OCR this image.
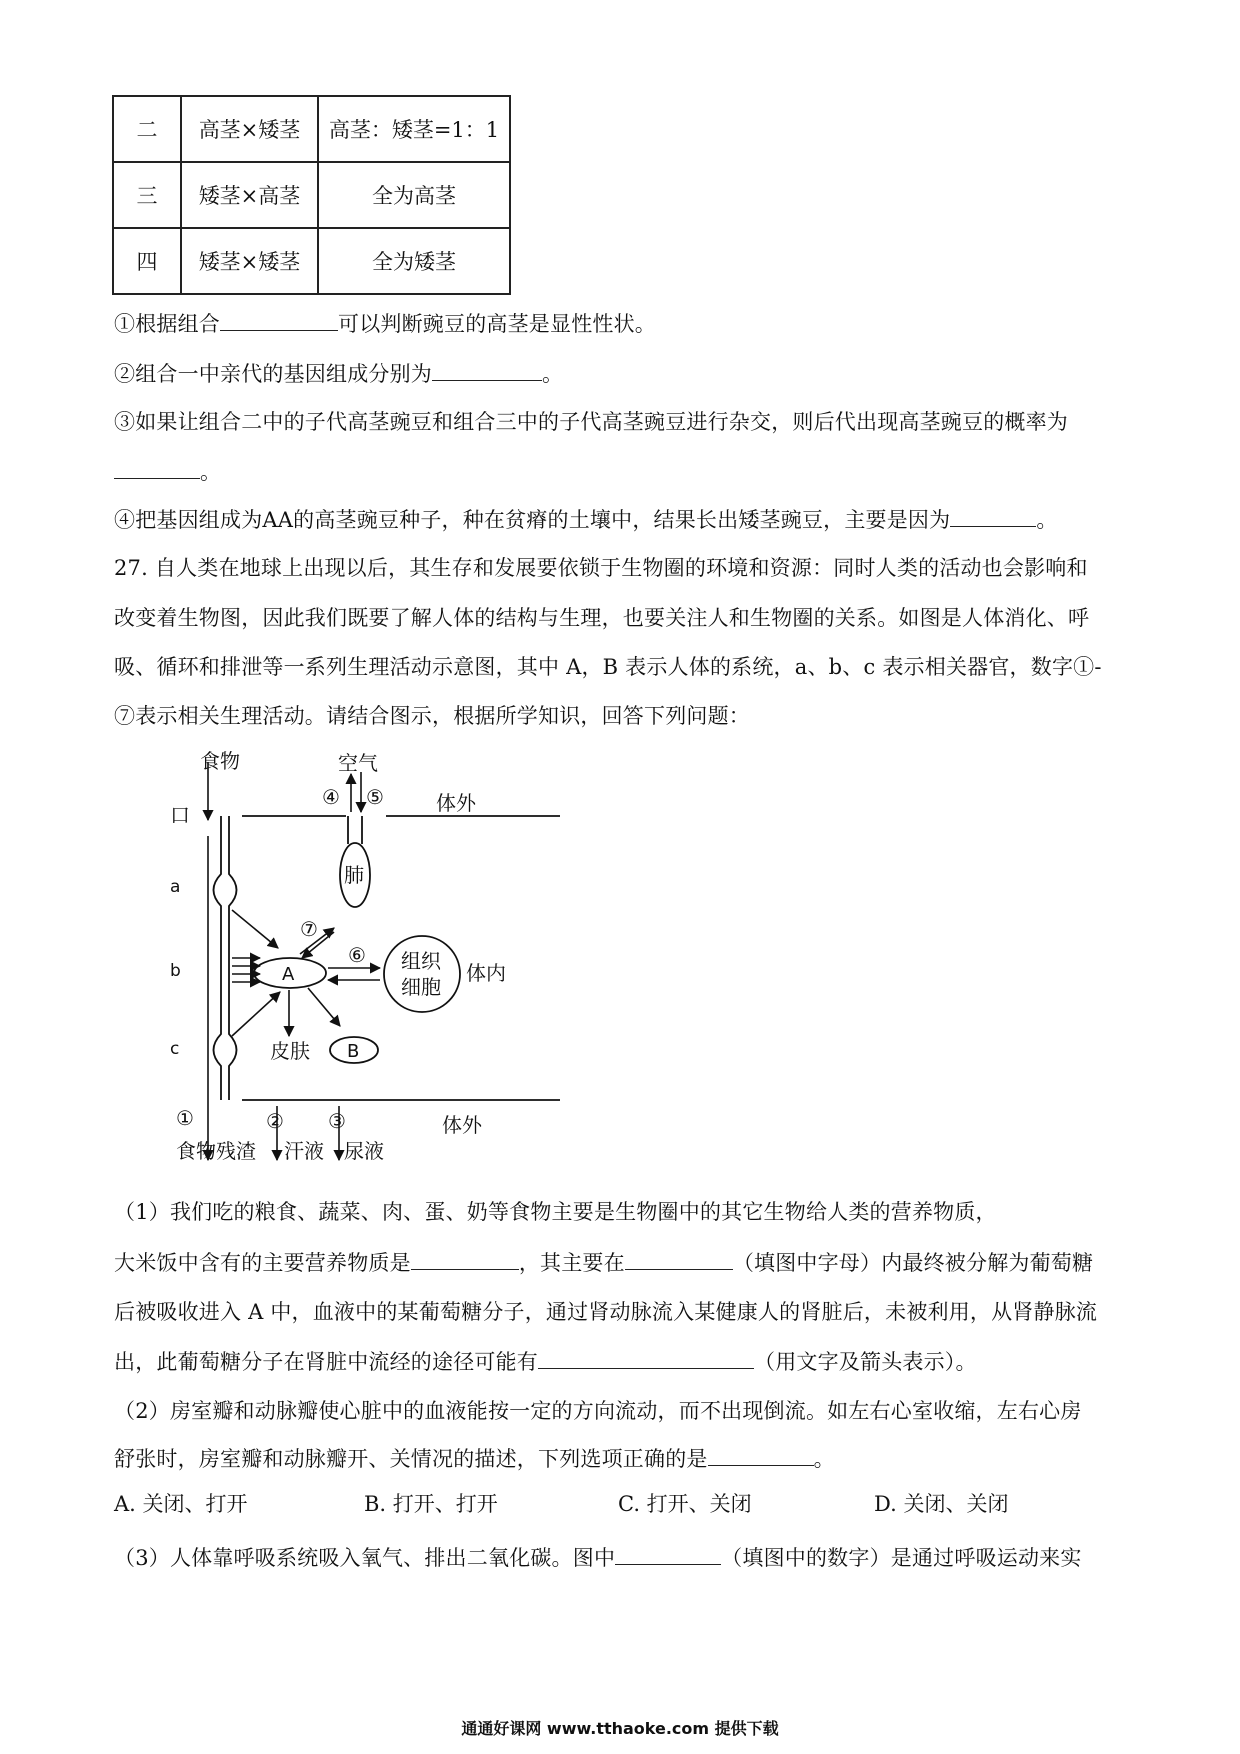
二	高茎×矮茎	高茎：矮茎=1：1
三	矮茎×高茎	全为高茎
四	矮茎×矮茎	全为矮茎
①根据组合	可以判断豌豆的高茎是显性性状。
②组合一中亲代的基因组成分别为	。
③如果让组合二中的子代高茎豌豆和组合三中的子代高茎豌豆进行杂交，则后代出现高茎豌豆的概率为
。
④把基因组成为AA的高茎豌豆种子，种在贫瘠的土壤中，结果长出矮茎豌豆，主要是因为	。
27. 自人类在地球上出现以后，其生存和发展要依锁于生物圈的环境和资源：同时人类的活动也会影响和
改变着生物图，因此我们既要了解人体的结构与生理，也要关注人和生物圈的关系。如图是人体消化、呼
吸、循环和排泄等一系列生理活动示意图，其中 A，B 表示人体的系统，a、b、c 表示相关器官，数字①-
⑦表示相关生理活动。请结合图示，根据所学知识，回答下列问题：
食物	空气
口
④ ⑤	体外
肺
a
b
c
⑦
⑥
A
组织
细胞
体内
皮肤 B
①	② ③	体外
食物残渣 汗液 尿液
（1）我们吃的粮食、蔬菜、肉、蛋、奶等食物主要是生物圈中的其它生物给人类的营养物质，
大米饭中含有的主要营养物质是	，其主要在	（填图中字母）内最终被分解为葡萄糖
后被吸收进入 A 中，血液中的某葡萄糖分子，通过肾动脉流入某健康人的肾脏后，未被利用，从肾静脉流
出，此葡萄糖分子在肾脏中流经的途径可能有	（用文字及箭头表示）。
（2）房室瓣和动脉瓣使心脏中的血液能按一定的方向流动，而不出现倒流。如左右心室收缩，左右心房
舒张时，房室瓣和动脉瓣开、关情况的描述，下列选项正确的是	。
A. 关闭、打开	B. 打开、打开	C. 打开、关闭	D. 关闭、关闭
（3）人体靠呼吸系统吸入氧气、排出二氧化碳。图中	（填图中的数字）是通过呼吸运动来实
通通好课网 www.tthaoke.com 提供下载
